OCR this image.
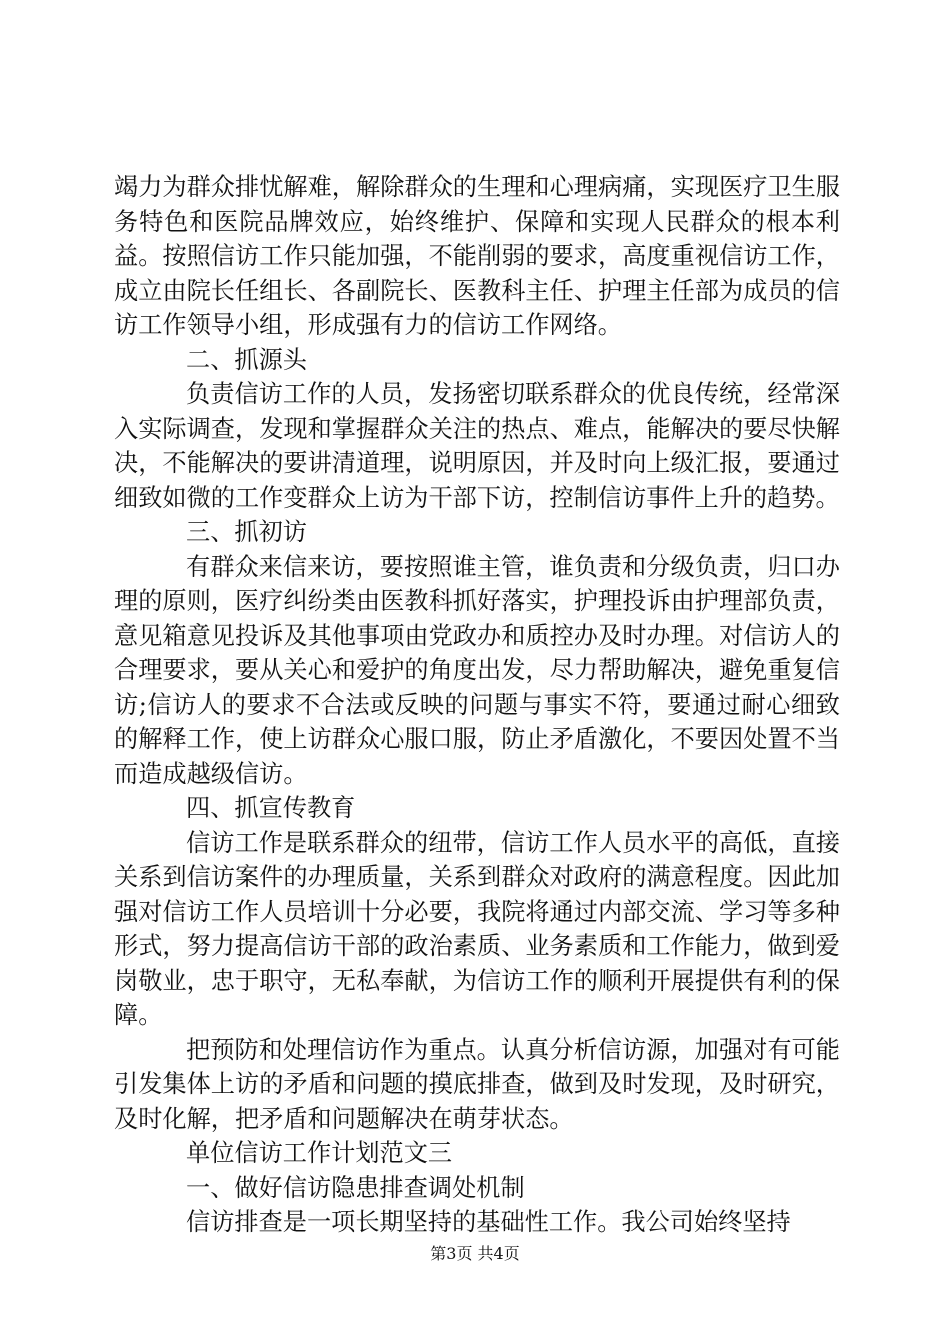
竭力为群众排忧解难，解除群众的生理和心理病痛，实现医疗卫生服务特色和医院品牌效应，始终维护、保障和实现人民群众的根本利益。按照信访工作只能加强，不能削弱的要求，高度重视信访工作，成立由院长任组长、各副院长、医教科主任、护理主任部为成员的信访工作领导小组，形成强有力的信访工作网络。

二、抓源头

负责信访工作的人员，发扬密切联系群众的优良传统，经常深入实际调查，发现和掌握群众关注的热点、难点，能解决的要尽快解决，不能解决的要讲清道理，说明原因，并及时向上级汇报，要通过细致如微的工作变群众上访为干部下访，控制信访事件上升的趋势。

三、抓初访

有群众来信来访，要按照谁主管，谁负责和分级负责，归口办理的原则，医疗纠纷类由医教科抓好落实，护理投诉由护理部负责，意见箱意见投诉及其他事项由党政办和质控办及时办理。对信访人的合理要求，要从关心和爱护的角度出发，尽力帮助解决，避免重复信访;信访人的要求不合法或反映的问题与事实不符，要通过耐心细致的解释工作，使上访群众心服口服，防止矛盾激化，不要因处置不当而造成越级信访。

四、抓宣传教育

信访工作是联系群众的纽带，信访工作人员水平的高低，直接关系到信访案件的办理质量，关系到群众对政府的满意程度。因此加强对信访工作人员培训十分必要，我院将通过内部交流、学习等多种形式，努力提高信访干部的政治素质、业务素质和工作能力，做到爱岗敬业，忠于职守，无私奉献，为信访工作的顺利开展提供有利的保障。

把预防和处理信访作为重点。认真分析信访源，加强对有可能引发集体上访的矛盾和问题的摸底排查，做到及时发现，及时研究，及时化解，把矛盾和问题解决在萌芽状态。

单位信访工作计划范文三

一、做好信访隐患排查调处机制

信访排查是一项长期坚持的基础性工作。我公司始终坚持

第3页 共4页
